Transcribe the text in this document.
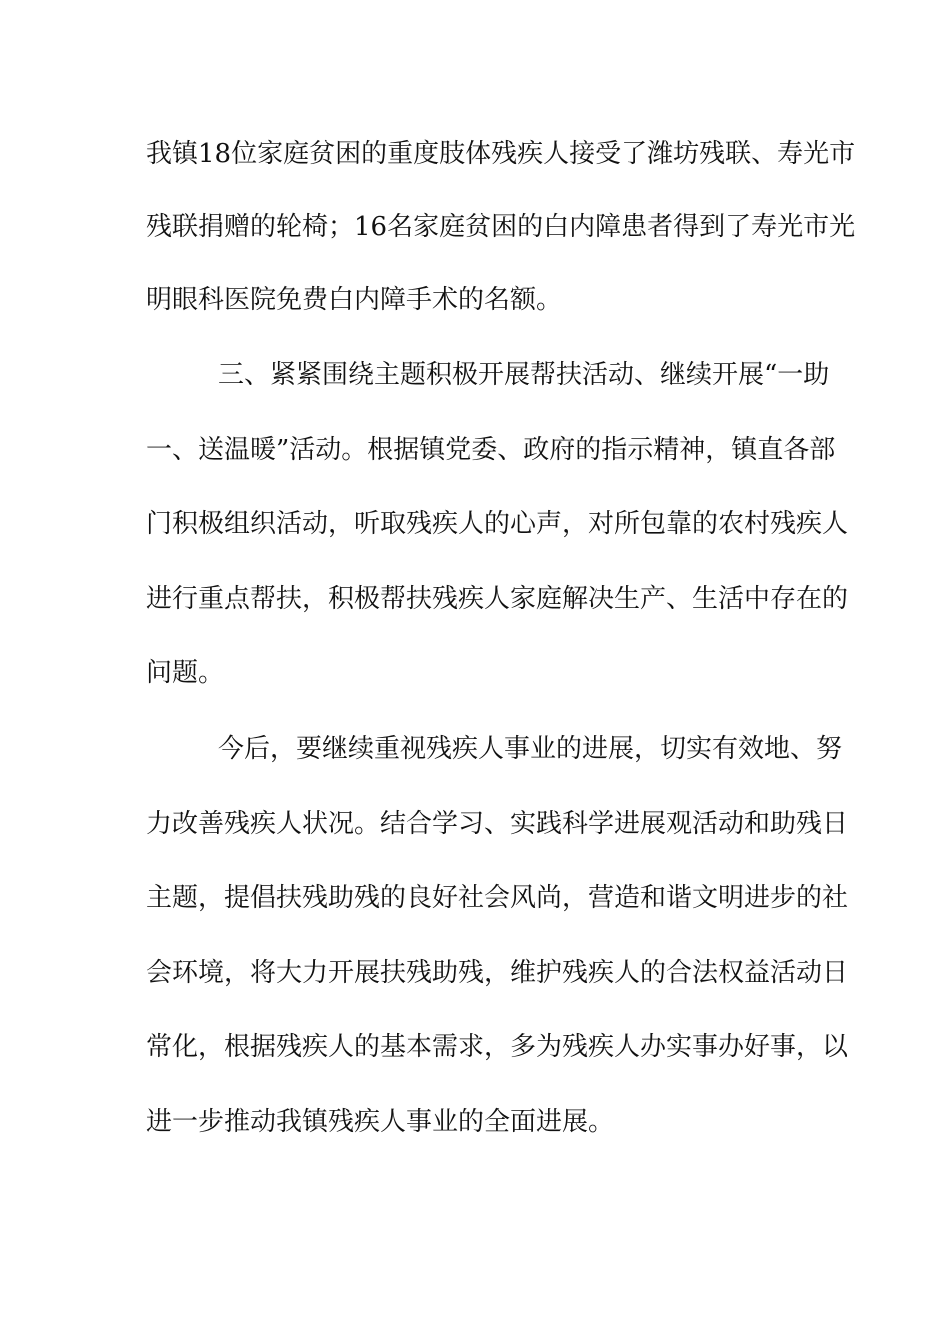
我镇18位家庭贫困的重度肢体残疾人接受了潍坊残联、寿光市
残联捐赠的轮椅；16名家庭贫困的白内障患者得到了寿光市光
明眼科医院免费白内障手术的名额。
三、紧紧围绕主题积极开展帮扶活动、继续开展“一助
一、送温暖”活动。根据镇党委、政府的指示精神，镇直各部
门积极组织活动，听取残疾人的心声，对所包靠的农村残疾人
进行重点帮扶，积极帮扶残疾人家庭解决生产、生活中存在的
问题。
今后，要继续重视残疾人事业的进展，切实有效地、努
力改善残疾人状况。结合学习、实践科学进展观活动和助残日
主题，提倡扶残助残的良好社会风尚，营造和谐文明进步的社
会环境，将大力开展扶残助残，维护残疾人的合法权益活动日
常化，根据残疾人的基本需求，多为残疾人办实事办好事，以
进一步推动我镇残疾人事业的全面进展。
